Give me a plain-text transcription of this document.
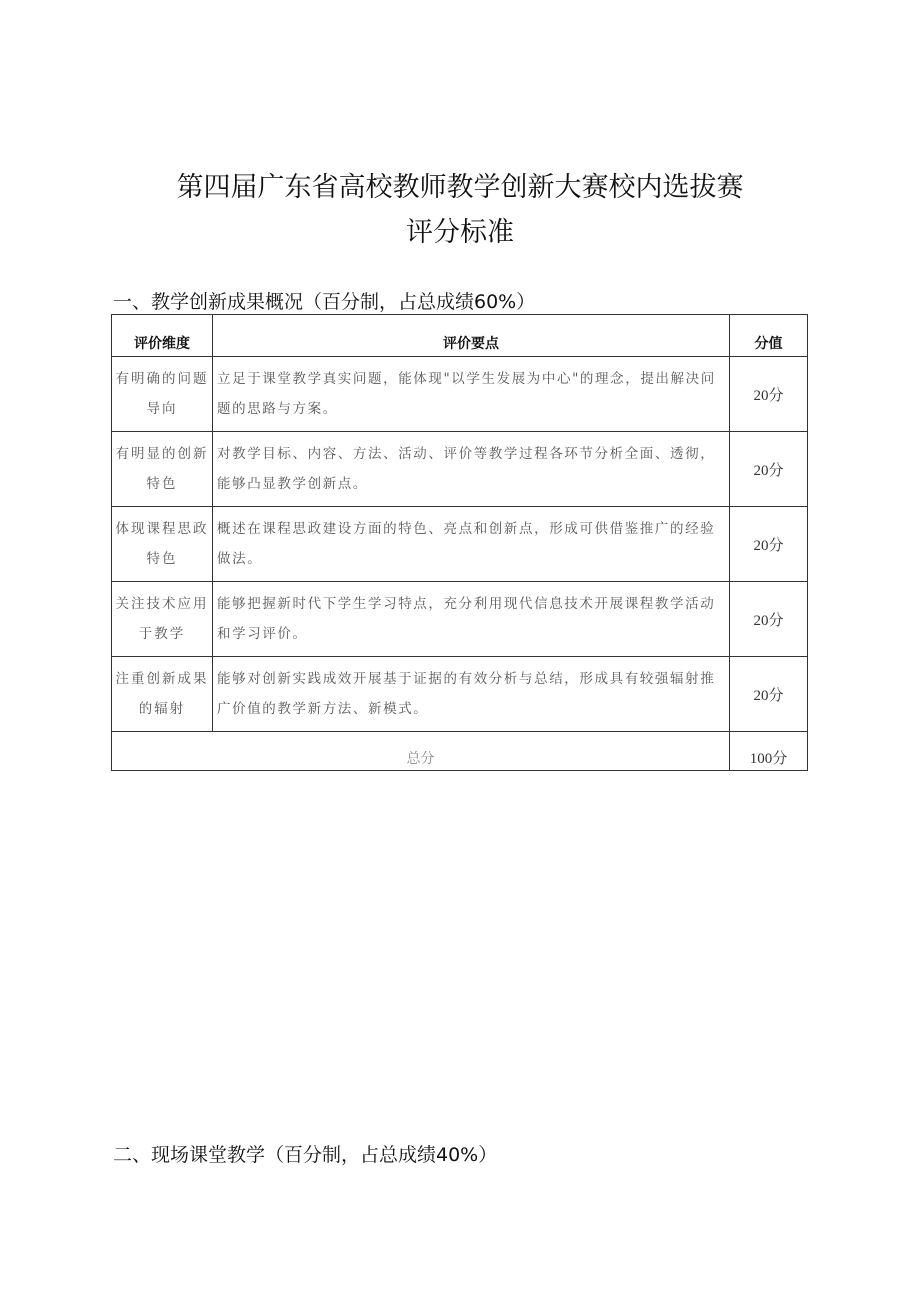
第四届广东省高校教师教学创新大赛校内选拔赛
评分标准
一、教学创新成果概况（百分制，占总成绩60%）
评价维度	评价要点	分值
有明确的问题导向	立足于课堂教学真实问题，能体现"以学生发展为中心"的理念，提出解决问题的思路与方案。	20分
有明显的创新特色	对教学目标、内容、方法、活动、评价等教学过程各环节分析全面、透彻，能够凸显教学创新点。	20分
体现课程思政特色	概述在课程思政建设方面的特色、亮点和创新点，形成可供借鉴推广的经验做法。	20分
关注技术应用于教学	能够把握新时代下学生学习特点，充分利用现代信息技术开展课程教学活动和学习评价。	20分
注重创新成果的辐射	能够对创新实践成效开展基于证据的有效分析与总结，形成具有较强辐射推广价值的教学新方法、新模式。	20分
总分		100分
二、现场课堂教学（百分制，占总成绩40%）
